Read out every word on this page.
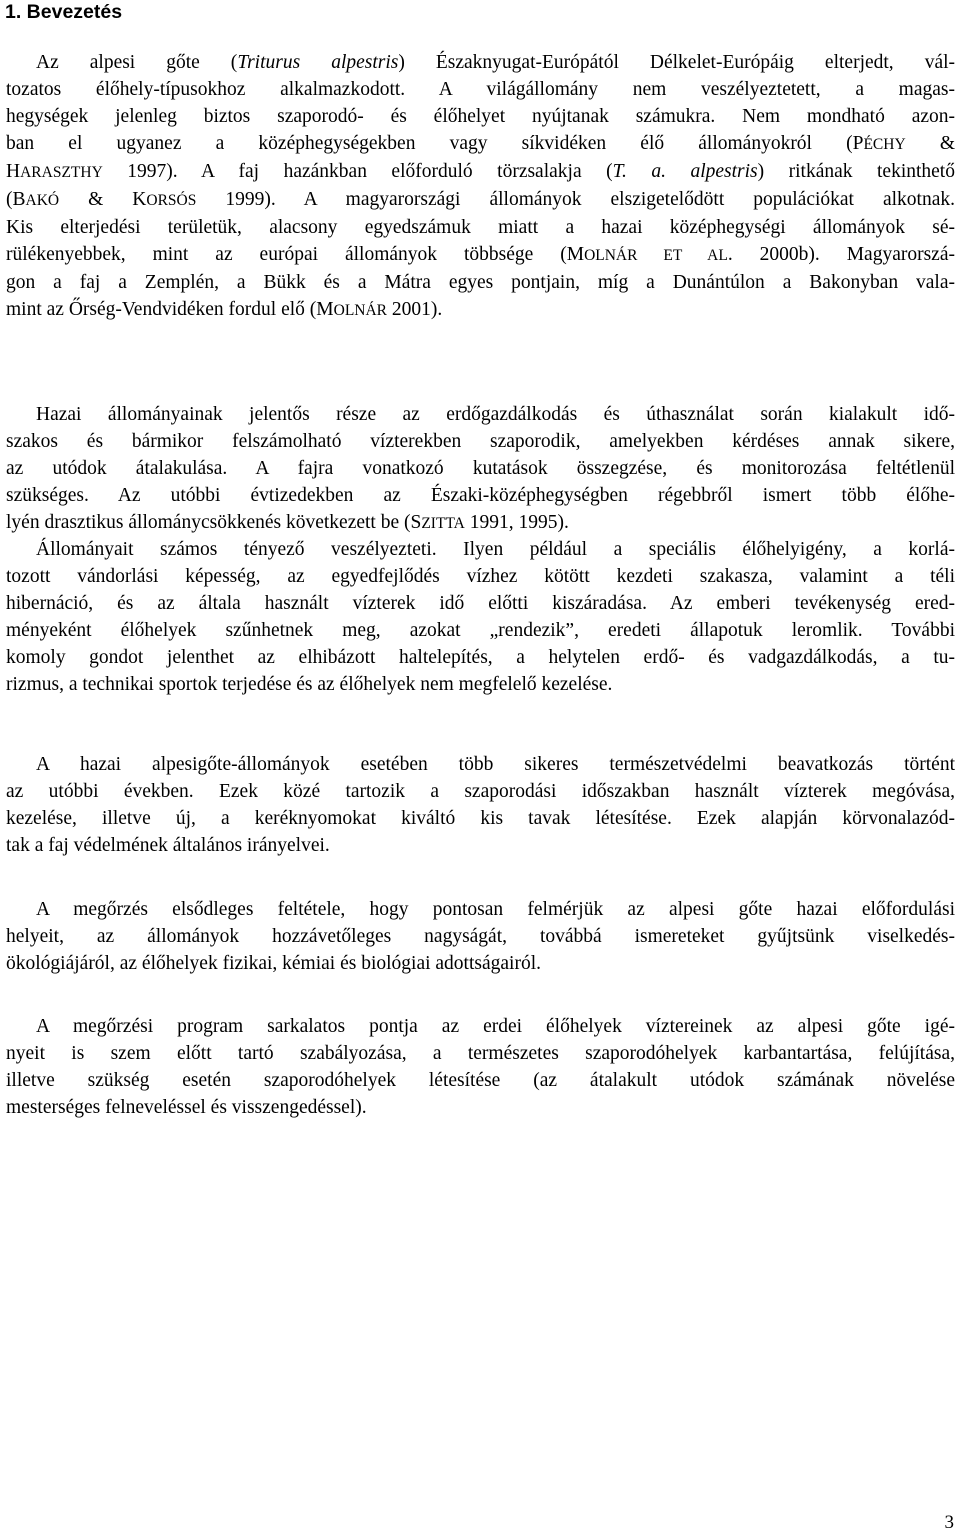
1. Bevezetés
Az alpesi gőte (Triturus alpestris) Északnyugat-Európától Délkelet-Európáig elterjedt, vál-
tozatos élőhely-típusokhoz alkalmazkodott. A világállomány nem veszélyeztetett, a magas-
hegységek jelenleg biztos szaporodó- és élőhelyet nyújtanak számukra. Nem mondható azon-
ban el ugyanez a középhegységekben vagy síkvidéken élő állományokról (PÉCHY &
HARASZTHY 1997). A faj hazánkban előforduló törzsalakja (T. a. alpestris) ritkának tekinthető
(BAKÓ & KORSÓS 1999). A magyarországi állományok elszigetelődött populációkat alkotnak.
Kis elterjedési területük, alacsony egyedszámuk miatt a hazai középhegységi állományok sé-
rülékenyebbek, mint az európai állományok többsége (MOLNÁR ET AL. 2000b). Magyarorszá-
gon a faj a Zemplén, a Bükk és a Mátra egyes pontjain, míg a Dunántúlon a Bakonyban vala-
mint az Őrség-Vendvidéken fordul elő (MOLNÁR 2001).
Hazai állományainak jelentős része az erdőgazdálkodás és úthasználat során kialakult idő-
szakos és bármikor felszámolható vízterekben szaporodik, amelyekben kérdéses annak sikere,
az utódok átalakulása. A fajra vonatkozó kutatások összegzése, és monitorozása feltétlenül
szükséges. Az utóbbi évtizedekben az Északi-középhegységben régebbről ismert több élőhe-
lyén drasztikus állománycsökkenés következett be (SZITTA 1991, 1995).
Állományait számos tényező veszélyezteti. Ilyen például a speciális élőhelyigény, a korlá-
tozott vándorlási képesség, az egyedfejlődés vízhez kötött kezdeti szakasza, valamint a téli
hibernáció, és az általa használt vízterek idő előtti kiszáradása. Az emberi tevékenység ered-
ményeként élőhelyek szűnhetnek meg, azokat „rendezik”, eredeti állapotuk leromlik. További
komoly gondot jelenthet az elhibázott haltelepítés, a helytelen erdő- és vadgazdálkodás, a tu-
rizmus, a technikai sportok terjedése és az élőhelyek nem megfelelő kezelése.
A hazai alpesigőte-állományok esetében több sikeres természetvédelmi beavatkozás történt
az utóbbi években. Ezek közé tartozik a szaporodási időszakban használt vízterek megóvása,
kezelése, illetve új, a keréknyomokat kiváltó kis tavak létesítése. Ezek alapján körvonalazód-
tak a faj védelmének általános irányelvei.
A megőrzés elsődleges feltétele, hogy pontosan felmérjük az alpesi gőte hazai előfordulási
helyeit, az állományok hozzávetőleges nagyságát, továbbá ismereteket gyűjtsünk viselkedés-
ökológiájáról, az élőhelyek fizikai, kémiai és biológiai adottságairól.
A megőrzési program sarkalatos pontja az erdei élőhelyek víztereinek az alpesi gőte igé-
nyeit is szem előtt tartó szabályozása, a természetes szaporodóhelyek karbantartása, felújítása,
illetve szükség esetén szaporodóhelyek létesítése (az átalakult utódok számának növelése
mesterséges felneveléssel és visszengedéssel).
3
